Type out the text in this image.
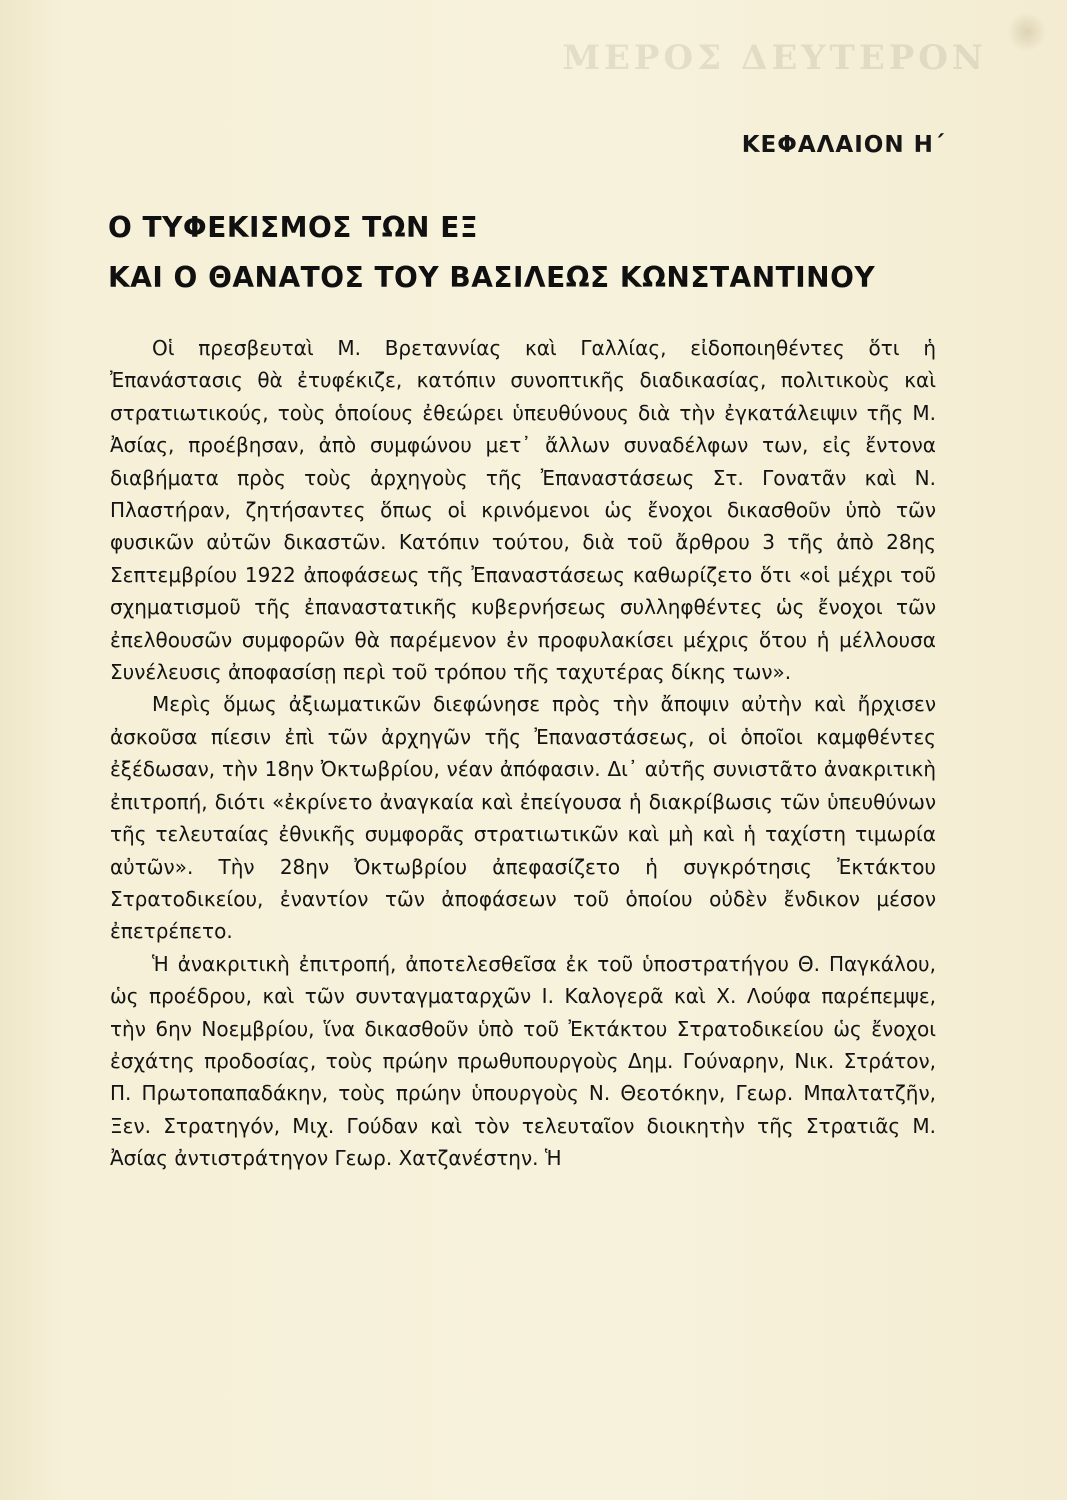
ΜΕΡΟΣ ΔΕΥΤΕΡΟΝ
ΚΕΦΑΛΑΙΟΝ Η΄
Ο ΤΥΦΕΚΙΣΜΟΣ ΤΩΝ ΕΞ
ΚΑΙ Ο ΘΑΝΑΤΟΣ ΤΟΥ ΒΑΣΙΛΕΩΣ ΚΩΝΣΤΑΝΤΙΝΟΥ

Οἱ πρεσβευταὶ Μ. Βρεταννίας καὶ Γαλλίας, εἰδοποιηθέντες ὅτι ἡ Ἐπανάστασις θὰ ἐτυφέκιζε, κατόπιν συνοπτικῆς διαδικασίας, πολιτικοὺς καὶ στρατιωτικούς, τοὺς ὁποίους ἐθεώρει ὑπευθύνους διὰ τὴν ἐγκατάλειψιν τῆς Μ. Ἀσίας, προέβησαν, ἀπὸ συμφώνου μετ᾽ ἄλλων συναδέλφων των, εἰς ἔντονα διαβήματα πρὸς τοὺς ἀρχηγοὺς τῆς Ἐπαναστάσεως Στ. Γονατᾶν καὶ Ν. Πλαστήραν, ζητήσαντες ὅπως οἱ κρινόμενοι ὡς ἔνοχοι δικασθοῦν ὑπὸ τῶν φυσικῶν αὐτῶν δικαστῶν. Κατόπιν τούτου, διὰ τοῦ ἄρθρου 3 τῆς ἀπὸ 28ης Σεπτεμβρίου 1922 ἀποφάσεως τῆς Ἐπαναστάσεως καθωρίζετο ὅτι «οἱ μέχρι τοῦ σχηματισμοῦ τῆς ἐπαναστατικῆς κυβερνήσεως συλληφθέντες ὡς ἔνοχοι τῶν ἐπελθουσῶν συμφορῶν θὰ παρέμενον ἐν προφυλακίσει μέχρις ὅτου ἡ μέλλουσα Συνέλευσις ἀποφασίσῃ περὶ τοῦ τρόπου τῆς ταχυτέρας δίκης των».

Μερὶς ὅμως ἀξιωματικῶν διεφώνησε πρὸς τὴν ἄποψιν αὐτὴν καὶ ἤρχισεν ἀσκοῦσα πίεσιν ἐπὶ τῶν ἀρχηγῶν τῆς Ἐπαναστάσεως, οἱ ὁποῖοι καμφθέντες ἐξέδωσαν, τὴν 18ην Ὀκτωβρίου, νέαν ἀπόφασιν. Δι᾽ αὐτῆς συνιστᾶτο ἀνακριτικὴ ἐπιτροπή, διότι «ἐκρίνετο ἀναγκαία καὶ ἐπείγουσα ἡ διακρίβωσις τῶν ὑπευθύνων τῆς τελευταίας ἐθνικῆς συμφορᾶς στρατιωτικῶν καὶ μὴ καὶ ἡ ταχίστη τιμωρία αὐτῶν». Τὴν 28ην Ὀκτωβρίου ἀπεφασίζετο ἡ συγκρότησις Ἐκτάκτου Στρατοδικείου, ἐναντίον τῶν ἀποφάσεων τοῦ ὁποίου οὐδὲν ἔνδικον μέσον ἐπετρέπετο.

Ἡ ἀνακριτικὴ ἐπιτροπή, ἀποτελεσθεῖσα ἐκ τοῦ ὑποστρατήγου Θ. Παγκάλου, ὡς προέδρου, καὶ τῶν συνταγματαρχῶν Ι. Καλογερᾶ καὶ Χ. Λούφα παρέπεμψε, τὴν 6ην Νοεμβρίου, ἵνα δικασθοῦν ὑπὸ τοῦ Ἐκτάκτου Στρατοδικείου ὡς ἔνοχοι ἐσχάτης προδοσίας, τοὺς πρώην πρωθυπουργοὺς Δημ. Γούναρην, Νικ. Στράτον, Π. Πρωτοπαπαδάκην, τοὺς πρώην ὑπουργοὺς Ν. Θεοτόκην, Γεωρ. Μπαλτατζῆν, Ξεν. Στρατηγόν, Μιχ. Γούδαν καὶ τὸν τελευταῖον διοικητὴν τῆς Στρατιᾶς Μ. Ἀσίας ἀντιστράτηγον Γεωρ. Χατζανέστην. Ἡ
